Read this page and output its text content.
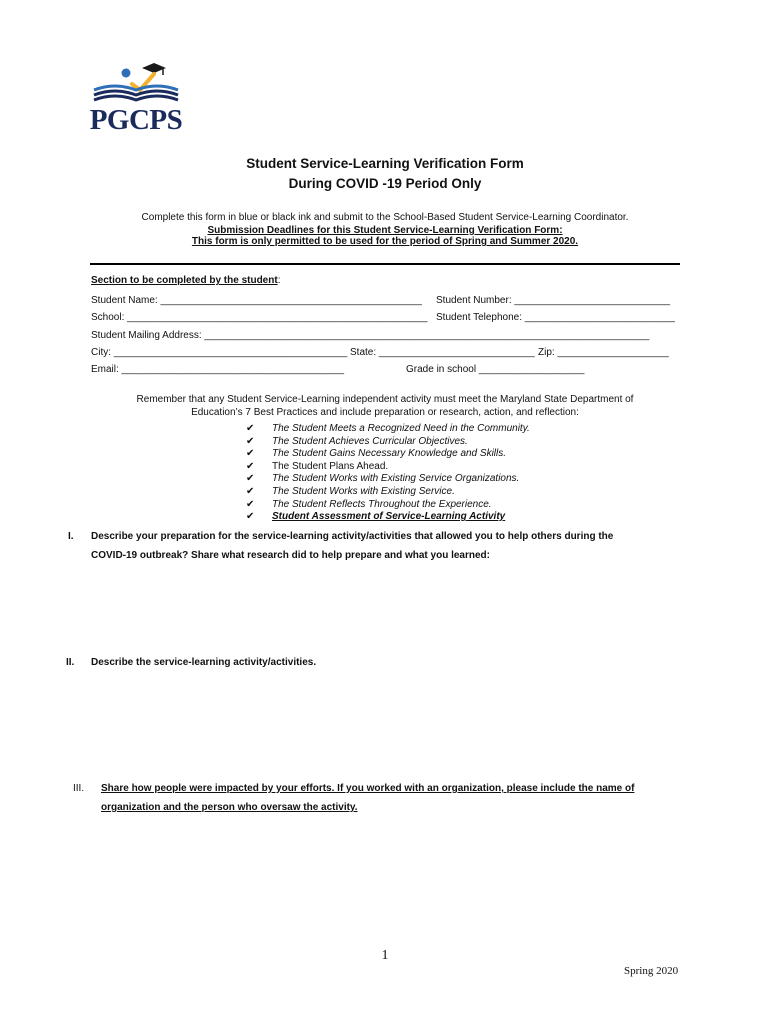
PGCPS
Student Service-Learning Verification Form
During COVID -19 Period Only
Complete this form in blue or black ink and submit to the School-Based Student Service-Learning Coordinator.
Submission Deadlines for this Student Service-Learning Verification Form:
This form is only permitted to be used for the period of Spring and Summer 2020.
Section to be completed by the student:
Student Name: _______________________________________________ Student Number: ____________________________
School: ______________________________________________________ Student Telephone: ___________________________
Student Mailing Address: ________________________________________________________________________________
City: __________________________________________ State: ____________________________ Zip: ____________________
Email: ________________________________________	Grade in school ___________________
Remember that any Student Service-Learning independent activity must meet the Maryland State Department of
Education’s 7 Best Practices and include preparation or research, action, and reflection:
✔ The Student Meets a Recognized Need in the Community.
✔ The Student Achieves Curricular Objectives.
✔ The Student Gains Necessary Knowledge and Skills.
✔ The Student Plans Ahead.
✔ The Student Works with Existing Service Organizations.
✔ The Student Works with Existing Service.
✔ The Student Reflects Throughout the Experience.
✔ Student Assessment of Service-Learning Activity
I. Describe your preparation for the service-learning activity/activities that allowed you to help others during the
COVID-19 outbreak? Share what research did to help prepare and what you learned:
II. Describe the service-learning activity/activities.
III. Share how people were impacted by your efforts. If you worked with an organization, please include the name of
organization and the person who oversaw the activity.
1
Spring 2020
